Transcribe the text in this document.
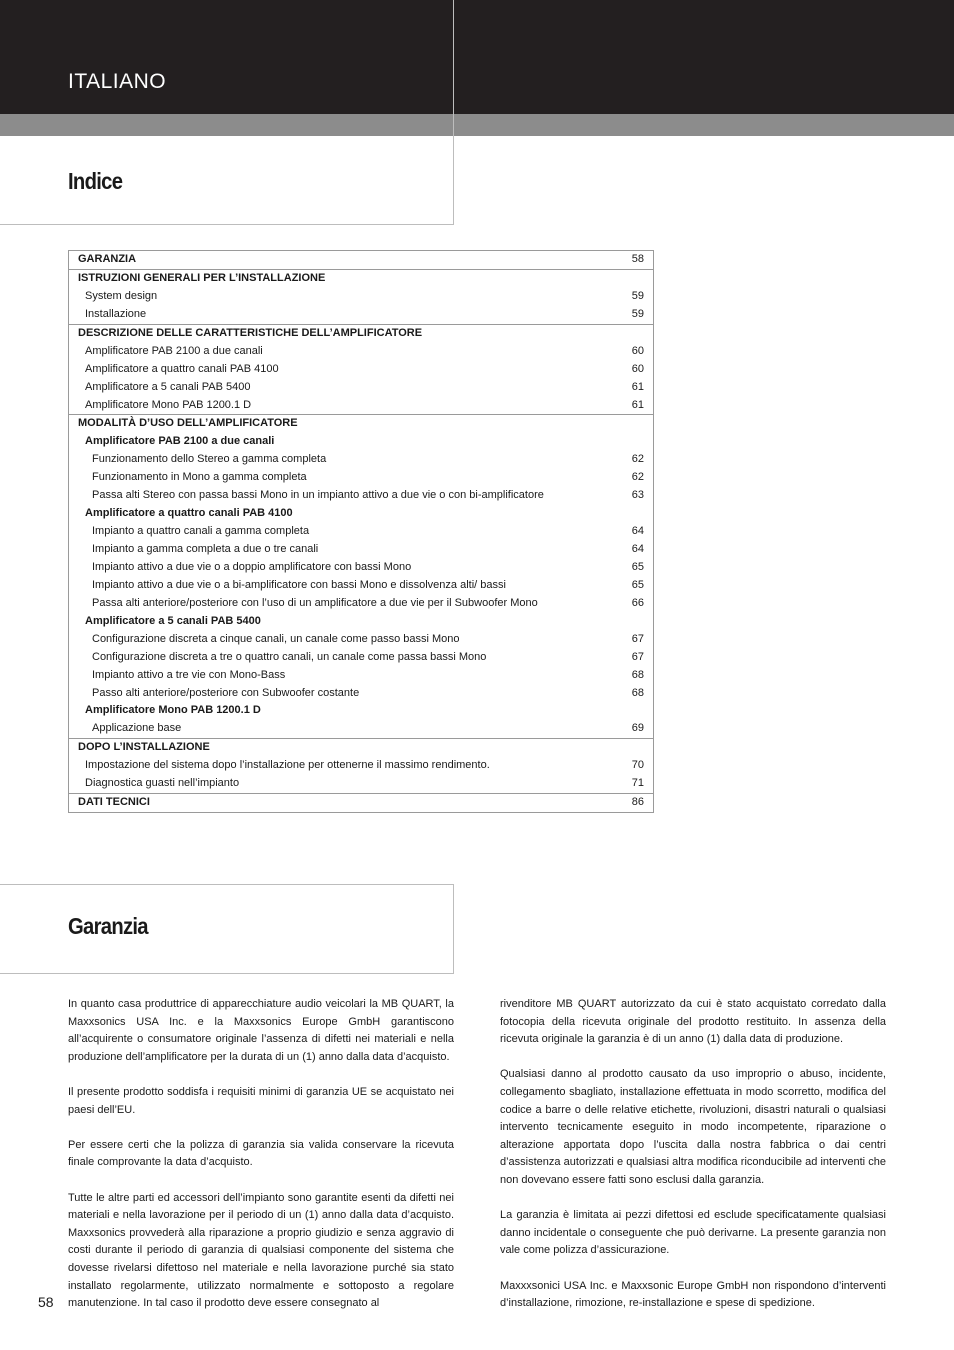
ITALIANO
Indice
GARANZIA	58
ISTRUZIONI GENERALI PER L’INSTALLAZIONE
System design	59
Installazione	59
DESCRIZIONE DELLE CARATTERISTICHE DELL’AMPLIFICATORE
Amplificatore PAB 2100 a due canali	60
Amplificatore a quattro canali PAB 4100	60
Amplificatore a 5 canali PAB 5400	61
Amplificatore Mono PAB 1200.1 D	61
MODALITÀ D’USO DELL’AMPLIFICATORE
Amplificatore PAB 2100 a due canali
Funzionamento dello Stereo a gamma completa	62
Funzionamento in Mono a gamma completa	62
Passa alti Stereo con passa bassi Mono in un impianto attivo a due vie o con bi-amplificatore	63
Amplificatore a quattro canali PAB 4100
Impianto a quattro canali a gamma completa	64
Impianto a gamma completa a due o tre canali	64
Impianto attivo a due vie o a doppio amplificatore con bassi Mono	65
Impianto attivo a due vie o a bi-amplificatore con bassi Mono e dissolvenza alti/ bassi	65
Passa alti anteriore/posteriore con l’uso di un amplificatore a due vie per il Subwoofer Mono	66
Amplificatore a 5 canali PAB 5400
Configurazione discreta a cinque canali, un canale come passo bassi Mono	67
Configurazione discreta a tre o quattro canali, un canale come passa bassi Mono	67
Impianto attivo a tre vie con Mono-Bass	68
Passo alti anteriore/posteriore con Subwoofer costante	68
Amplificatore Mono PAB 1200.1 D
Applicazione base	69
DOPO L’INSTALLAZIONE
Impostazione del sistema dopo l’installazione per ottenerne il massimo rendimento.	70
Diagnostica guasti nell’impianto	71
DATI TECNICI	86
Garanzia

In quanto casa produttrice di apparecchiature audio veicolari la MB QUART, la Maxxsonics USA Inc. e la Maxxsonics Europe GmbH garantiscono all’acquirente o consumatore originale l’assenza di difetti nei materiali e nella produzione dell’amplificatore per la durata di un (1) anno dalla data d’acquisto.

Il presente prodotto soddisfa i requisiti minimi di garanzia UE se acquistato nei paesi dell’EU.

Per essere certi che la polizza di garanzia sia valida conservare la ricevuta finale comprovante la data d’acquisto.

Tutte le altre parti ed accessori dell’impianto sono garantite esenti da difetti nei materiali e nella lavorazione per il periodo di un (1) anno dalla data d’acquisto. Maxxsonics provvederà alla riparazione a proprio giudizio e senza aggravio di costi durante il periodo di garanzia di qualsiasi componente del sistema che dovesse rivelarsi difettoso nel materiale e nella lavorazione purché sia stato installato regolarmente, utilizzato normalmente e sottoposto a regolare manutenzione. In tal caso il prodotto deve essere consegnato al

rivenditore MB QUART autorizzato da cui è stato acquistato corredato dalla fotocopia della ricevuta originale del prodotto restituito. In assenza della ricevuta originale la garanzia è di un anno (1) dalla data di produzione.

Qualsiasi danno al prodotto causato da uso improprio o abuso, incidente, collegamento sbagliato, installazione effettuata in modo scorretto, modifica del codice a barre o delle relative etichette, rivoluzioni, disastri naturali o qualsiasi intervento tecnicamente eseguito in modo incompetente, riparazione o alterazione apportata dopo l’uscita dalla nostra fabbrica o dai centri d’assistenza autorizzati e qualsiasi altra modifica riconducibile ad interventi che non dovevano essere fatti sono esclusi dalla garanzia.

La garanzia è limitata ai pezzi difettosi ed esclude specificatamente qualsiasi danno incidentale o conseguente che può derivarne. La presente garanzia non vale come polizza d’assicurazione.

Maxxxsonici USA Inc. e Maxxsonic Europe GmbH non rispondono d’interventi d’installazione, rimozione, re-installazione e spese di spedizione.

58
